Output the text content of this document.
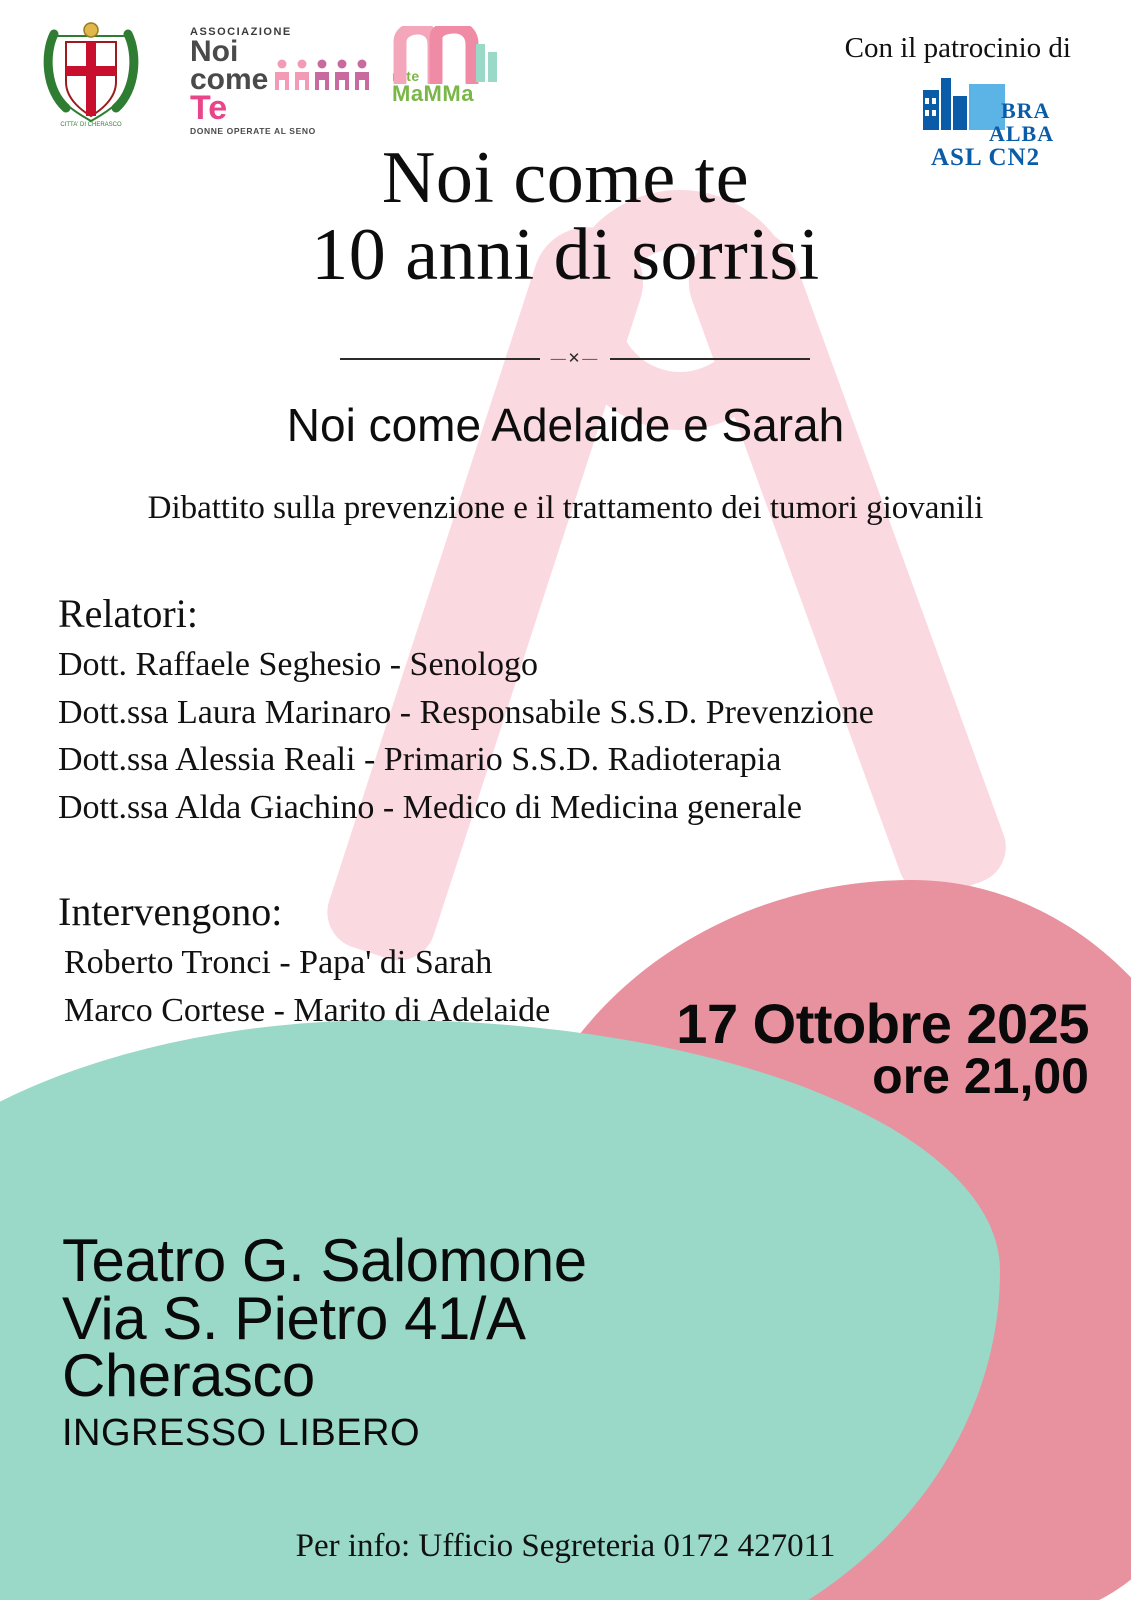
CITTA' DI CHERASCO
ASSOCIAZIONE
Noi
come
Te
DONNE OPERATE AL SENO
rete
MaMMa
Con il patrocinio di
BRA
ALBA
ASL CN2
Noi come te
10 anni di sorrisi
—✕—
Noi come Adelaide e Sarah
Dibattito sulla prevenzione e il trattamento dei tumori giovanili
Relatori:
Dott. Raffaele Seghesio - Senologo
Dott.ssa Laura Marinaro - Responsabile S.S.D. Prevenzione
Dott.ssa Alessia Reali - Primario S.S.D. Radioterapia
Dott.ssa Alda Giachino - Medico di Medicina generale
Intervengono:
Roberto Tronci - Papa' di Sarah
Marco Cortese - Marito di Adelaide 17 Ottobre 2025
ore 21,00
Teatro G. Salomone
Via S. Pietro 41/A
Cherasco
INGRESSO LIBERO
Per info: Ufficio Segreteria 0172 427011
